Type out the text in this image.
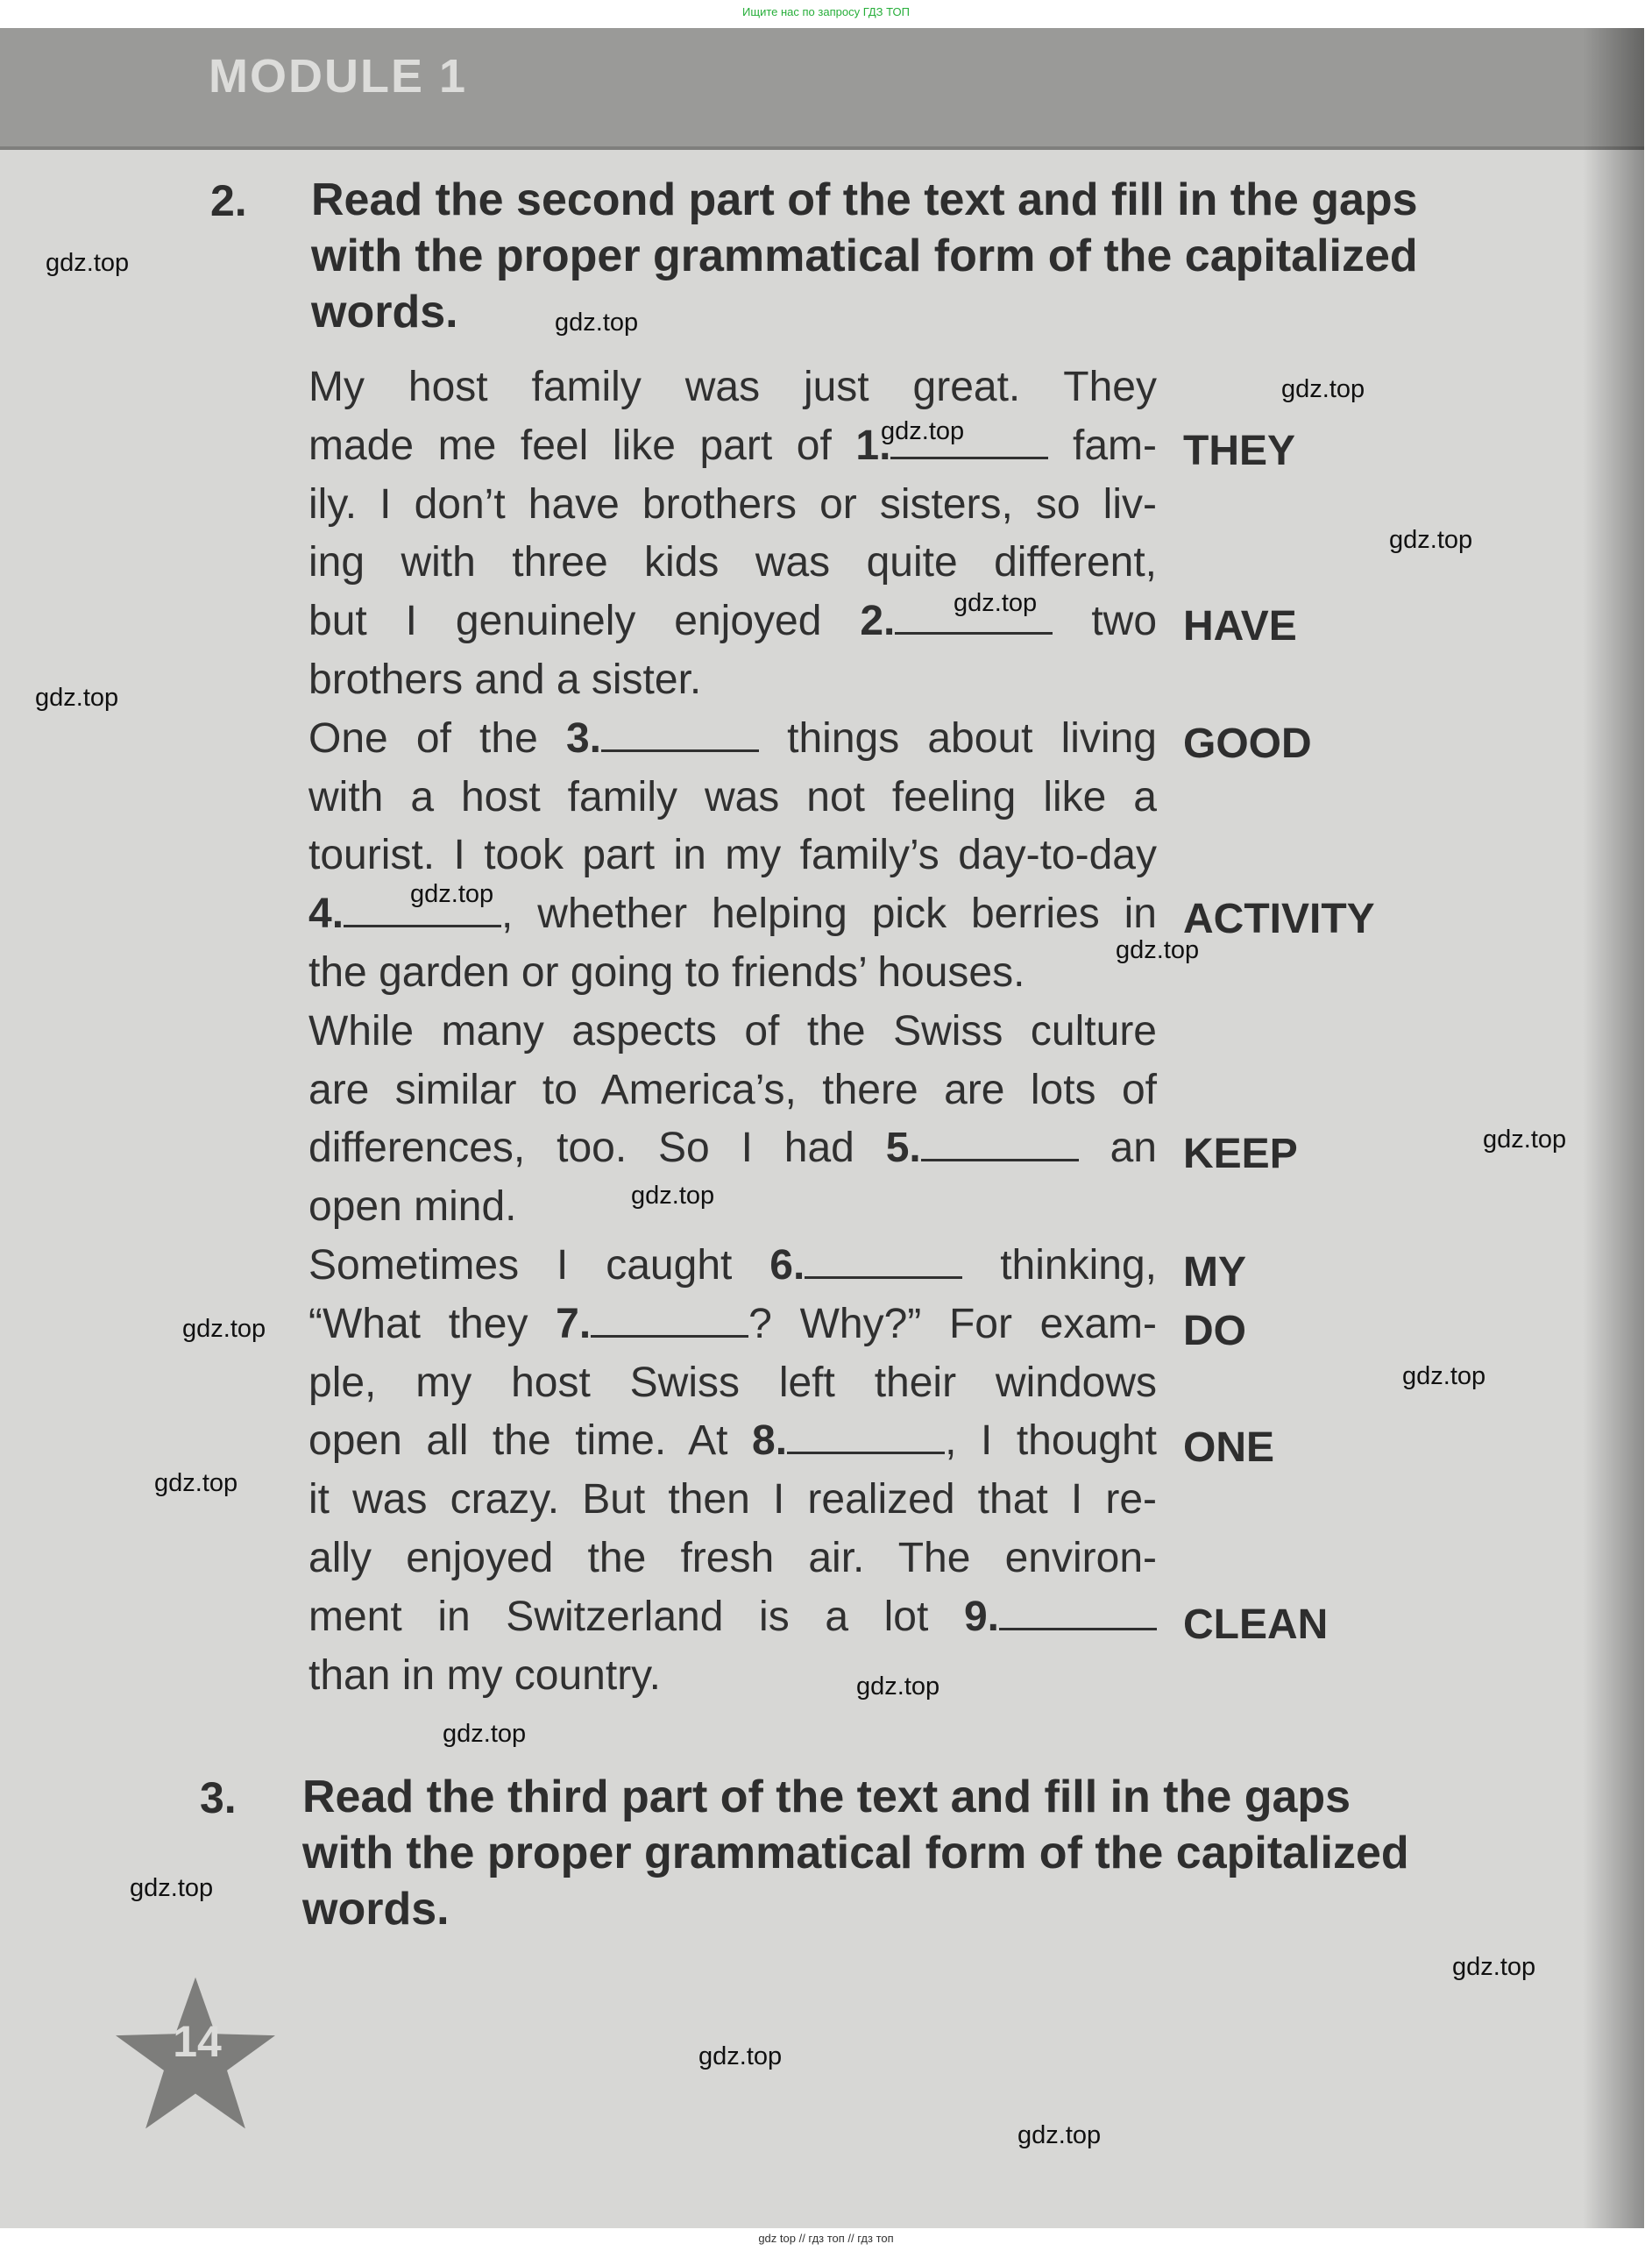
Ищите нас по запросу ГДЗ ТОП
MODULE 1
2. Read the second part of the text and fill in the gaps
with the proper grammatical form of the capitalized
words.
My host family was just great. They
made me feel like part of 1.	fam-
ily. I don’t have brothers or sisters, so liv-
ing with three kids was quite different,
but I genuinely enjoyed 2.	two
brothers and a sister.
One of the 3.	things about living
with a host family was not feeling like a
tourist. I took part in my family’s day-to-day
4.	, whether helping pick berries in
the garden or going to friends’ houses.
While many aspects of the Swiss culture
are similar to America’s, there are lots of
differences, too. So I had 5.	an
open mind.
Sometimes I caught 6.	thinking,
“What they 7.	? Why?” For exam-
ple, my host Swiss left their windows
open all the time. At 8.	, I thought
it was crazy. But then I realized that I re-
ally enjoyed the fresh air. The environ-
ment in Switzerland is a lot 9.
than in my country.
THEY
HAVE
GOOD
ACTIVITY
KEEP
MY
DO
ONE
CLEAN
3. Read the third part of the text and fill in the gaps
with the proper grammatical form of the capitalized
words.
14
gdz.top
gdz.top
gdz.top
gdz.top
gdz.top
gdz.top
gdz.top
gdz.top
gdz.top
gdz.top
gdz.top
gdz.top
gdz.top
gdz.top
gdz.top
gdz.top
gdz.top
gdz.top
gdz.top
gdz.top
gdz top // гдз топ // гдз топ
